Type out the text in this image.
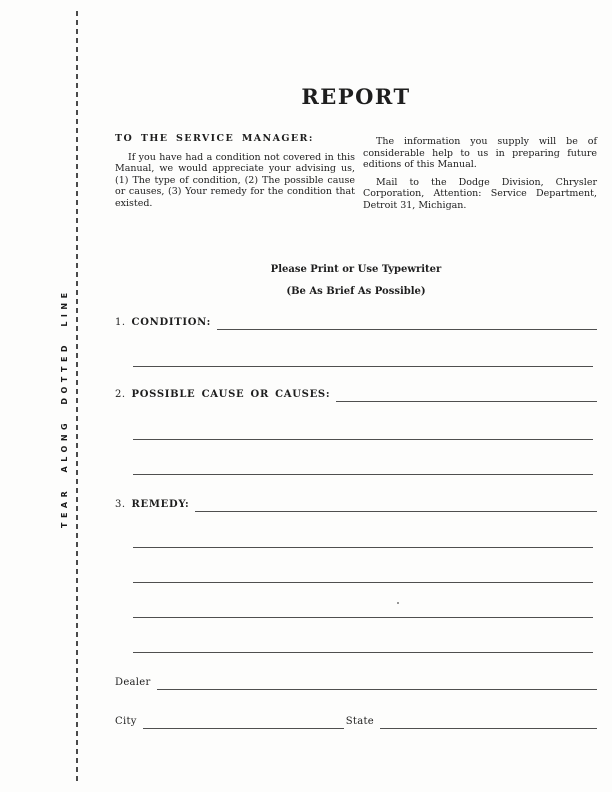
TEAR ALONG DOTTED LINE
REPORT
TO THE SERVICE MANAGER:

If you have had a condition not covered in this Manual, we would appreciate your advising us, (1) The type of condition, (2) The possible cause or causes, (3) Your remedy for the condition that existed.

The information you supply will be of considerable help to us in preparing future editions of this Manual.

Mail to the Dodge Division, Chrysler Corporation, Attention: Service Department, Detroit 31, Michigan.

Please Print or Use Typewriter
(Be As Brief As Possible)
1. CONDITION:
2. POSSIBLE CAUSE OR CAUSES:
3. REMEDY:
Dealer
City	State
